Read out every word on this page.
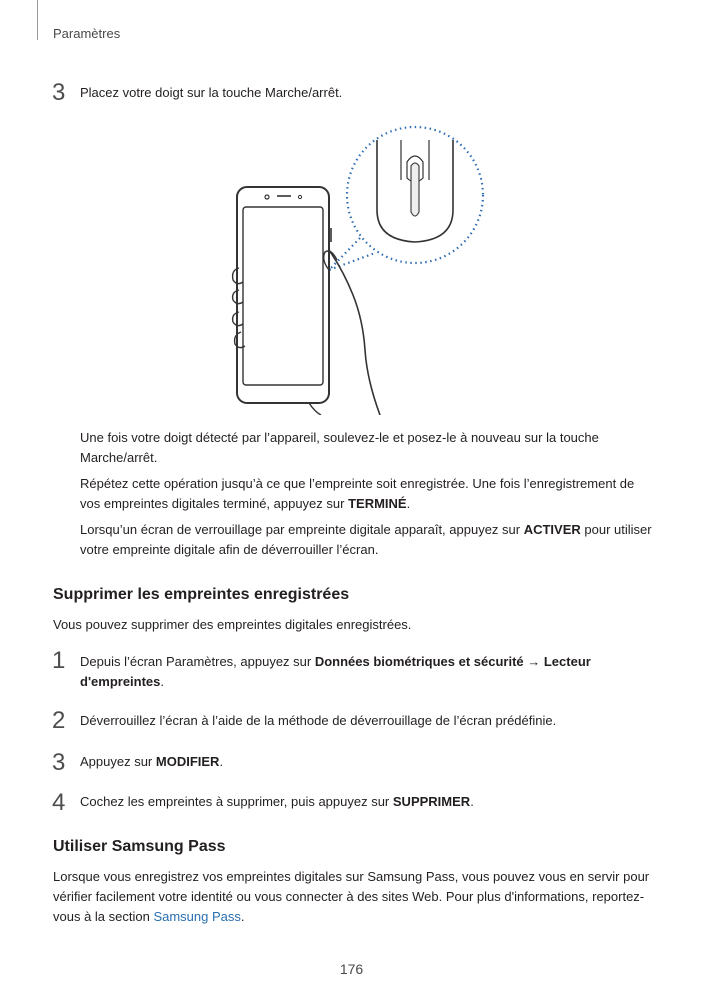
Paramètres
3 Placez votre doigt sur la touche Marche/arrêt.
Une fois votre doigt détecté par l’appareil, soulevez-le et posez-le à nouveau sur la touche Marche/arrêt.
Répétez cette opération jusqu’à ce que l’empreinte soit enregistrée. Une fois l’enregistrement de vos empreintes digitales terminé, appuyez sur TERMINÉ.
Lorsqu’un écran de verrouillage par empreinte digitale apparaît, appuyez sur ACTIVER pour utiliser votre empreinte digitale afin de déverrouiller l’écran.
Supprimer les empreintes enregistrées
Vous pouvez supprimer des empreintes digitales enregistrées.
1 Depuis l’écran Paramètres, appuyez sur Données biométriques et sécurité → Lecteur d'empreintes.
2 Déverrouillez l’écran à l’aide de la méthode de déverrouillage de l’écran prédéfinie.
3 Appuyez sur MODIFIER.
4 Cochez les empreintes à supprimer, puis appuyez sur SUPPRIMER.
Utiliser Samsung Pass
Lorsque vous enregistrez vos empreintes digitales sur Samsung Pass, vous pouvez vous en servir pour vérifier facilement votre identité ou vous connecter à des sites Web. Pour plus d'informations, reportez-vous à la section Samsung Pass.
176
